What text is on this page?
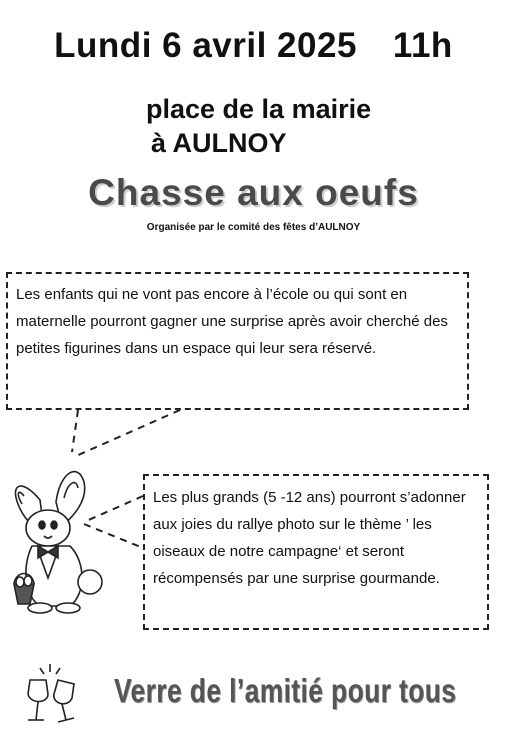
Lundi 6 avril 2025 11h
place de la mairie
à AULNOY
Chasse aux oeufs
Organisée par le comité des fêtes d’AULNOY

Les enfants qui ne vont pas encore à l’école ou qui sont en maternelle pourront gagner une surprise après avoir cherché des petites figurines dans un espace qui leur sera réservé.

Les plus grands (5 -12 ans) pourront s’adonner aux joies du rallye photo sur le thème ’ les oiseaux de notre campagne‘ et seront récompensés par une surprise gourmande.

Verre de l’amitié pour tous
